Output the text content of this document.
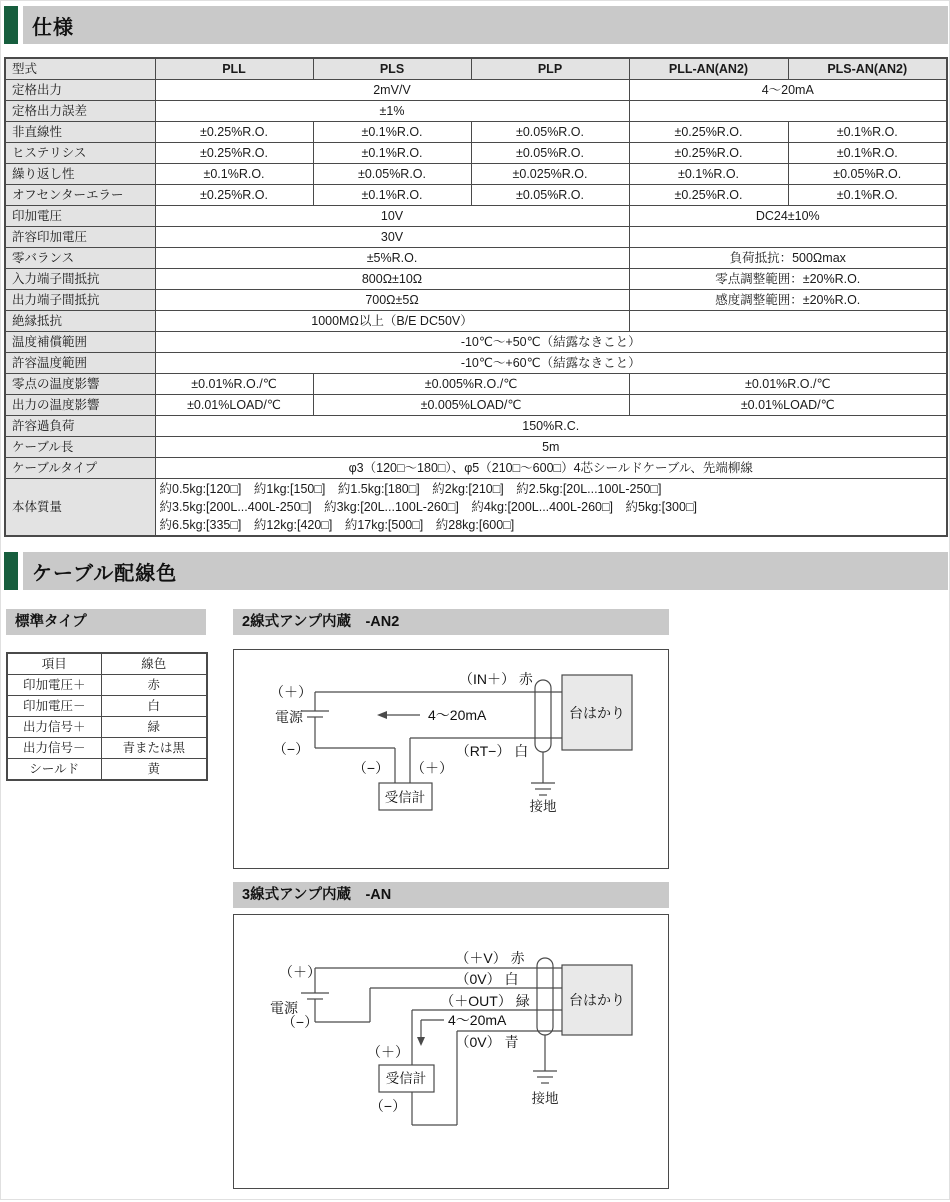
仕様
型式	PLL	PLS	PLP	PLL-AN(AN2)	PLS-AN(AN2)
定格出力	2mV/V			4～20mA	
定格出力誤差	±1%				
非直線性	±0.25%R.O.	±0.1%R.O.	±0.05%R.O.	±0.25%R.O.	±0.1%R.O.
ヒステリシス	±0.25%R.O.	±0.1%R.O.	±0.05%R.O.	±0.25%R.O.	±0.1%R.O.
繰り返し性	±0.1%R.O.	±0.05%R.O.	±0.025%R.O.	±0.1%R.O.	±0.05%R.O.
オフセンターエラー	±0.25%R.O.	±0.1%R.O.	±0.05%R.O.	±0.25%R.O.	±0.1%R.O.
印加電圧	10V			DC24±10%	
許容印加電圧	30V				
零バランス	±5%R.O.			負荷抵抗：500Ωmax	
入力端子間抵抗	800Ω±10Ω			零点調整範囲：±20%R.O.	
出力端子間抵抗	700Ω±5Ω			感度調整範囲：±20%R.O.	
絶縁抵抗	1000MΩ以上（B/E DC50V）				
温度補償範囲	-10℃～+50℃（結露なきこと）				
許容温度範囲	-10℃～+60℃（結露なきこと）				
零点の温度影響	±0.01%R.O./℃	±0.005%R.O./℃		±0.01%R.O./℃	
出力の温度影響	±0.01%LOAD/℃	±0.005%LOAD/℃		±0.01%LOAD/℃	
許容過負荷	150%R.C.				
ケーブル長	5m				
ケーブルタイプ	φ3（120□～180□）、φ5（210□～600□）4芯シールドケーブル、先端柳線				
本体質量	約0.5kg:[120□]　約1kg:[150□]　約1.5kg:[180□]　約2kg:[210□]　約2.5kg:[20L...100L-250□]
約3.5kg:[200L...400L-250□]　約3kg:[20L...100L-260□]　約4kg:[200L...400L-260□]　約5kg:[300□]
約6.5kg:[335□]　約12kg:[420□]　約17kg:[500□]　約28kg:[600□]				
ケーブル配線色
標準タイプ
項目	線色
印加電圧＋	赤
印加電圧－	白
出力信号＋	緑
出力信号－	青または黒
シールド	黄
2線式アンプ内蔵　-AN2
（＋）
電源
（−）
（IN＋） 赤
4～20mA
（RT−） 白
（−） （＋）
受信計
台はかり
接地
3線式アンプ内蔵　-AN
（＋）
電源
（−）
（＋V） 赤
（0V） 白
（＋OUT） 緑
4～20mA
（0V） 青
（＋）
（−）
受信計
台はかり
接地
